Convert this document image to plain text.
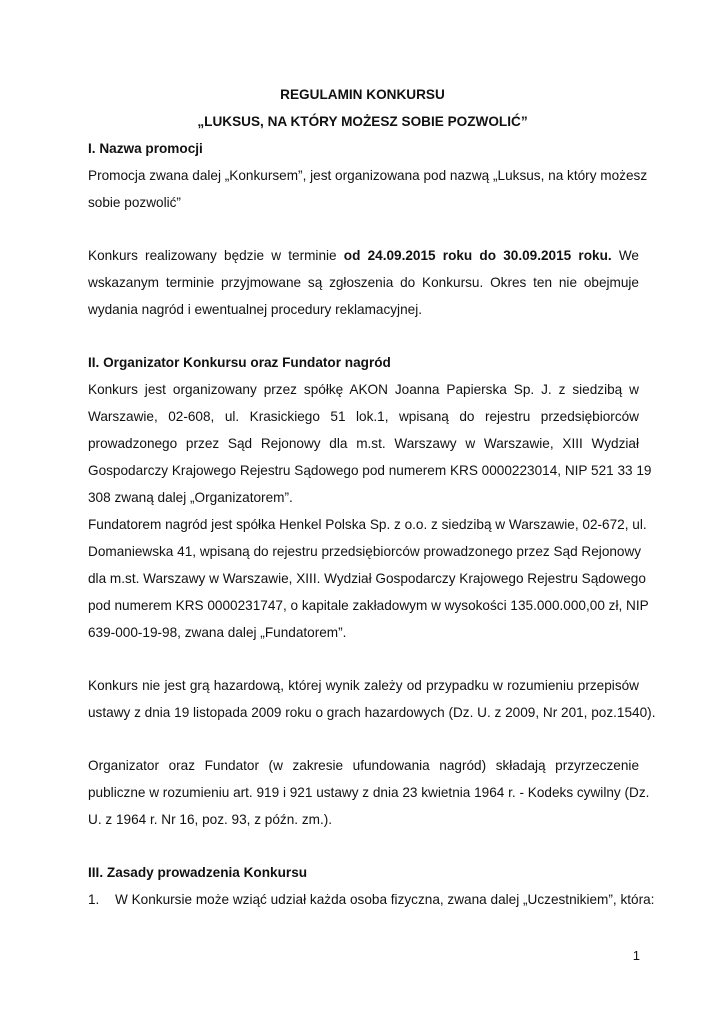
REGULAMIN KONKURSU
„LUKSUS, NA KTÓRY MOŻESZ SOBIE POZWOLIĆ”
I. Nazwa promocji
Promocja zwana dalej „Konkursem”, jest organizowana pod nazwą „Luksus, na który możesz
sobie pozwolić”
Konkurs realizowany będzie w terminie od 24.09.2015 roku do 30.09.2015 roku. We
wskazanym terminie przyjmowane są zgłoszenia do Konkursu. Okres ten nie obejmuje
wydania nagród i ewentualnej procedury reklamacyjnej.
II. Organizator Konkursu oraz Fundator nagród
Konkurs jest organizowany przez spółkę AKON Joanna Papierska Sp. J. z siedzibą w
Warszawie, 02-608, ul. Krasickiego 51 lok.1, wpisaną do rejestru przedsiębiorców
prowadzonego przez Sąd Rejonowy dla m.st. Warszawy w Warszawie, XIII Wydział
Gospodarczy Krajowego Rejestru Sądowego pod numerem KRS 0000223014, NIP 521 33 19
308 zwaną dalej „Organizatorem”.
Fundatorem nagród jest spółka Henkel Polska Sp. z o.o. z siedzibą w Warszawie, 02-672, ul.
Domaniewska 41, wpisaną do rejestru przedsiębiorców prowadzonego przez Sąd Rejonowy
dla m.st. Warszawy w Warszawie, XIII. Wydział Gospodarczy Krajowego Rejestru Sądowego
pod numerem KRS 0000231747, o kapitale zakładowym w wysokości 135.000.000,00 zł, NIP
639-000-19-98, zwana dalej „Fundatorem”.
Konkurs nie jest grą hazardową, której wynik zależy od przypadku w rozumieniu przepisów
ustawy z dnia 19 listopada 2009 roku o grach hazardowych (Dz. U. z 2009, Nr 201, poz.1540).
Organizator oraz Fundator (w zakresie ufundowania nagród) składają przyrzeczenie
publiczne w rozumieniu art. 919 i 921 ustawy z dnia 23 kwietnia 1964 r. - Kodeks cywilny (Dz.
U. z 1964 r. Nr 16, poz. 93, z późn. zm.).
III. Zasady prowadzenia Konkursu
1. W Konkursie może wziąć udział każda osoba fizyczna, zwana dalej „Uczestnikiem”, która:
1
